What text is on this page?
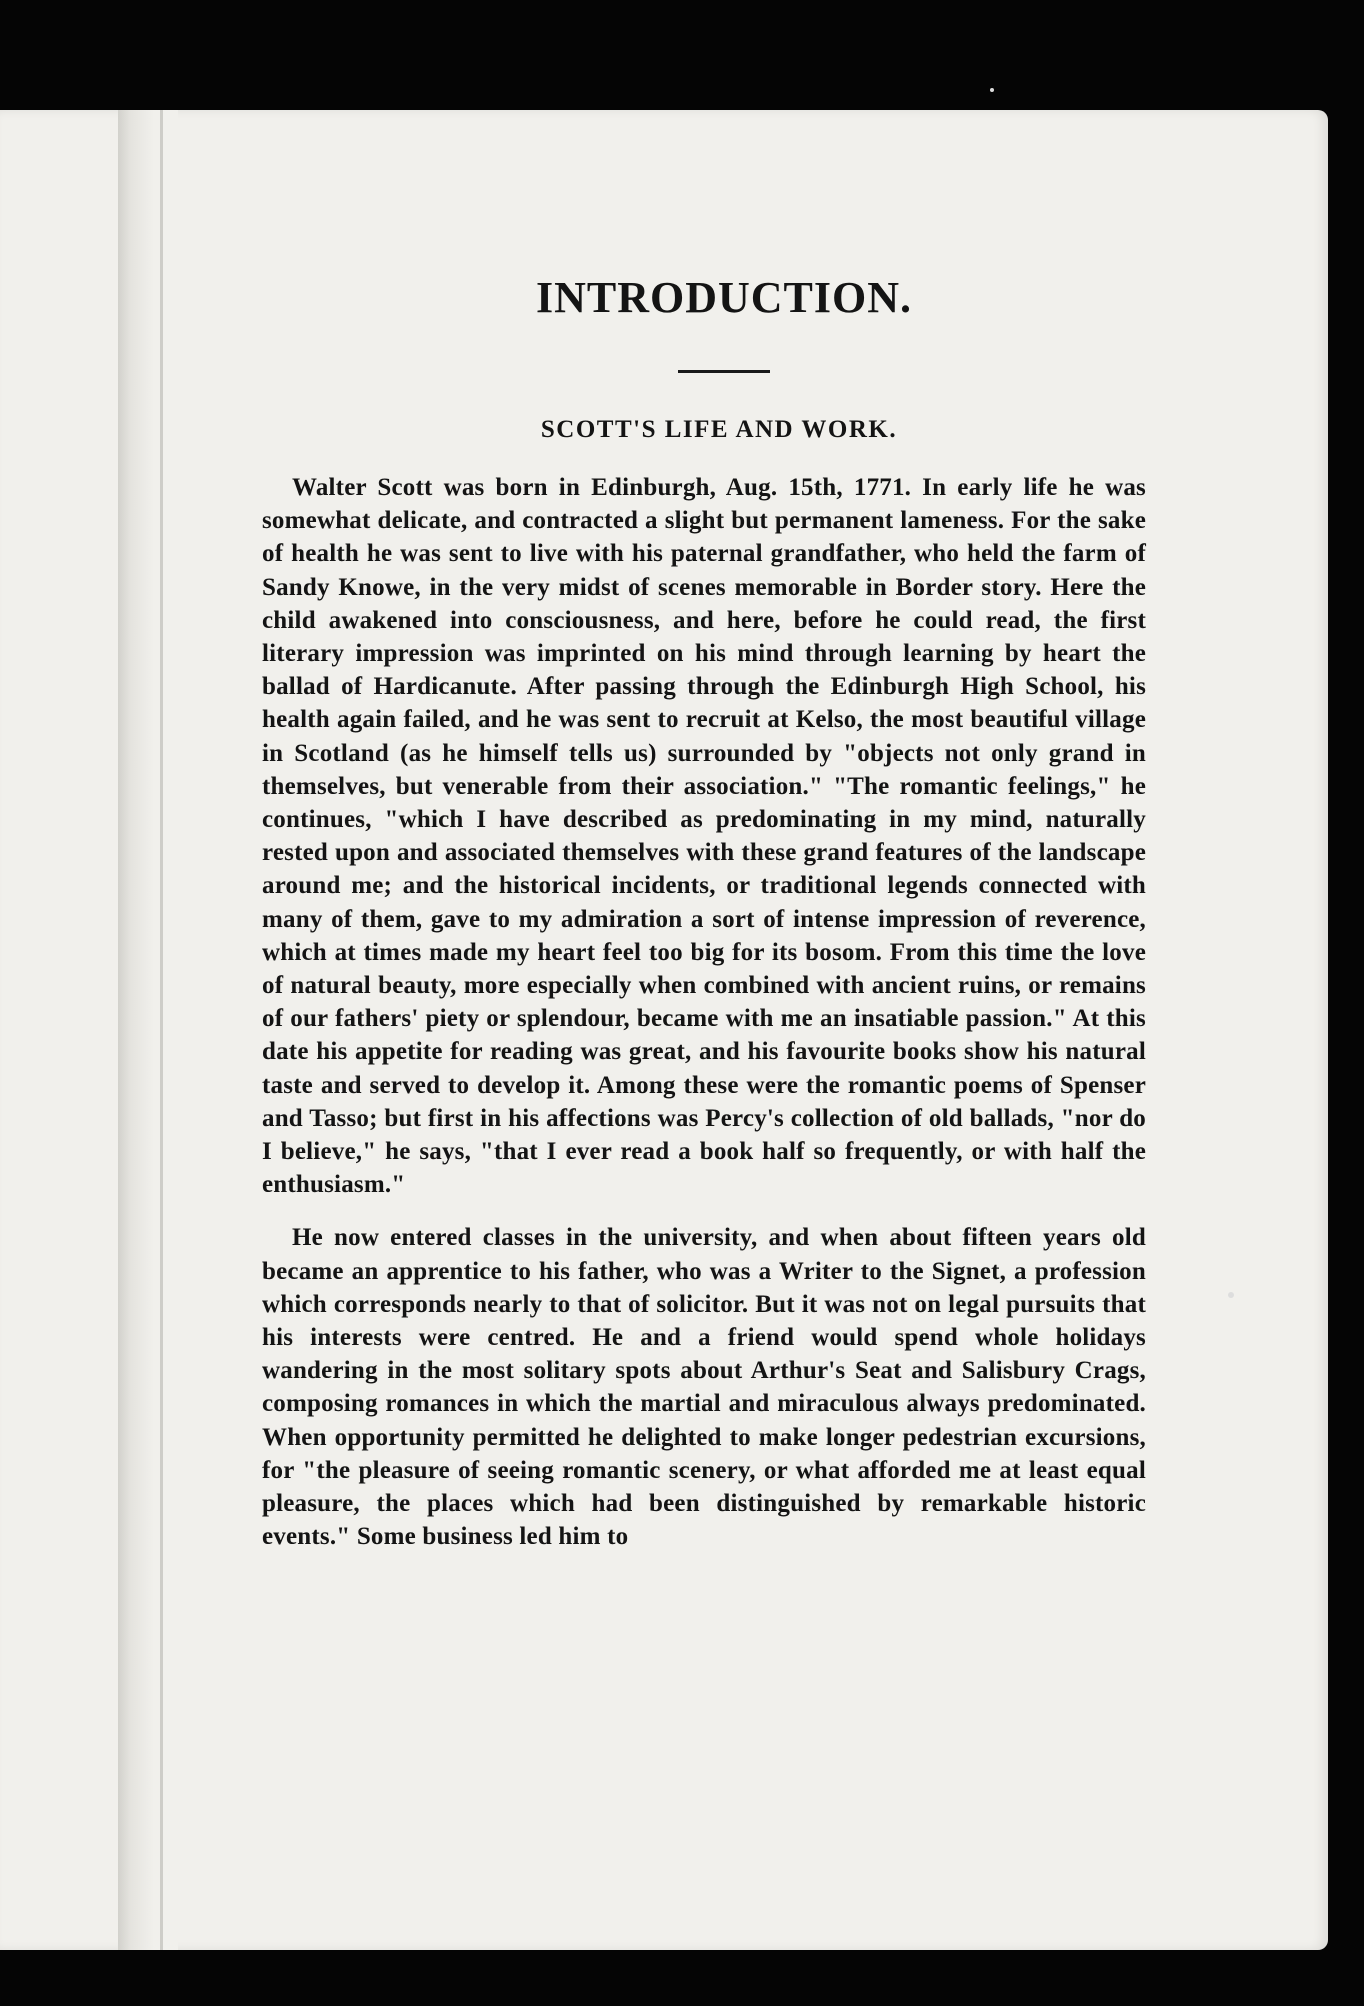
INTRODUCTION.
SCOTT'S LIFE AND WORK.

Walter Scott was born in Edinburgh, Aug. 15th, 1771. In early life he was somewhat delicate, and contracted a slight but permanent lameness. For the sake of health he was sent to live with his paternal grandfather, who held the farm of Sandy Knowe, in the very midst of scenes memorable in Border story. Here the child awakened into consciousness, and here, before he could read, the first literary impression was imprinted on his mind through learning by heart the ballad of Hardicanute. After passing through the Edinburgh High School, his health again failed, and he was sent to recruit at Kelso, the most beautiful village in Scotland (as he himself tells us) surrounded by "objects not only grand in themselves, but venerable from their association." "The romantic feelings," he continues, "which I have described as predominating in my mind, naturally rested upon and associated themselves with these grand features of the landscape around me; and the historical incidents, or traditional legends connected with many of them, gave to my admiration a sort of intense impression of reverence, which at times made my heart feel too big for its bosom. From this time the love of natural beauty, more especially when combined with ancient ruins, or remains of our fathers' piety or splendour, became with me an insatiable passion." At this date his appetite for reading was great, and his favourite books show his natural taste and served to develop it. Among these were the romantic poems of Spenser and Tasso; but first in his affections was Percy's collection of old ballads, "nor do I believe," he says, "that I ever read a book half so frequently, or with half the enthusiasm."

He now entered classes in the university, and when about fifteen years old became an apprentice to his father, who was a Writer to the Signet, a profession which corresponds nearly to that of solicitor. But it was not on legal pursuits that his interests were centred. He and a friend would spend whole holidays wandering in the most solitary spots about Arthur's Seat and Salisbury Crags, composing romances in which the martial and miraculous always predominated. When opportunity permitted he delighted to make longer pedestrian excursions, for "the pleasure of seeing romantic scenery, or what afforded me at least equal pleasure, the places which had been distinguished by remarkable historic events." Some business led him to
